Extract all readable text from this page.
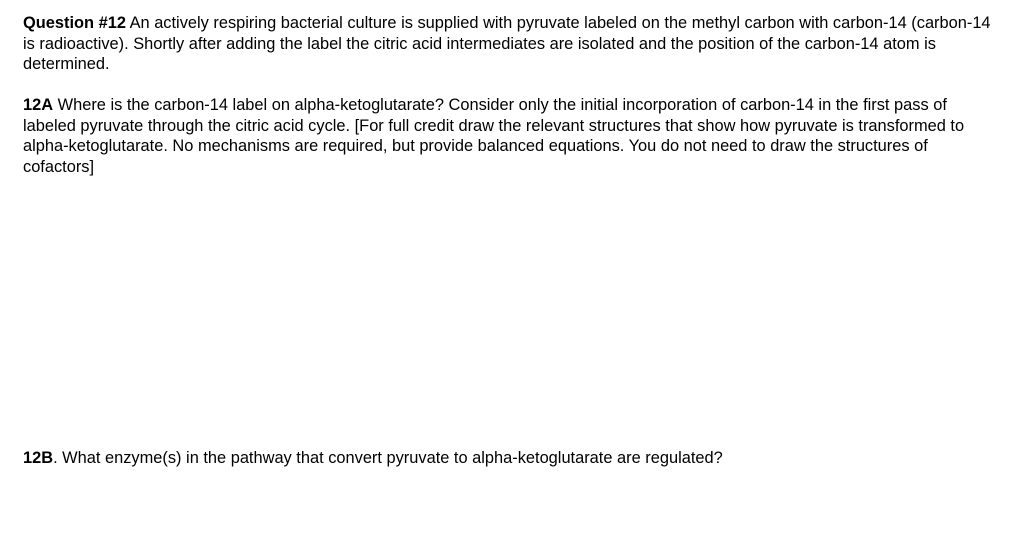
Question #12 An actively respiring bacterial culture is supplied with pyruvate labeled on the methyl carbon with carbon-14 (carbon-14 is radioactive). Shortly after adding the label the citric acid intermediates are isolated and the position of the carbon-14 atom is determined.

12A Where is the carbon-14 label on alpha-ketoglutarate? Consider only the initial incorporation of carbon-14 in the first pass of labeled pyruvate through the citric acid cycle. [For full credit draw the relevant structures that show how pyruvate is transformed to alpha-ketoglutarate. No mechanisms are required, but provide balanced equations. You do not need to draw the structures of cofactors]

12B. What enzyme(s) in the pathway that convert pyruvate to alpha-ketoglutarate are regulated?
